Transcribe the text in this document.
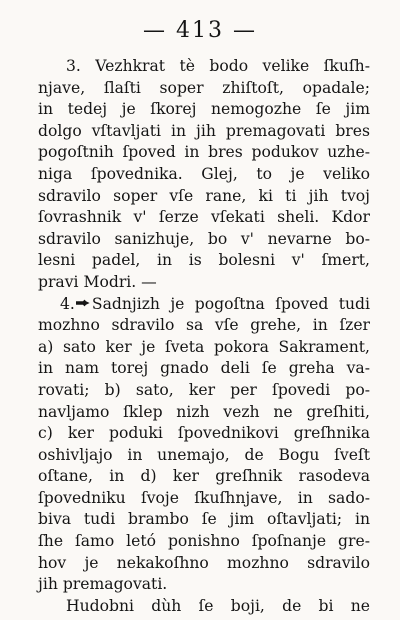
— 413 —
3. Vezhkrat tè bodo velike ſkuſh-
njave, ſlaſti soper zhiſtoſt, opadale;
in tedej je ſkorej nemogozhe ſe jim
dolgo vſtavljati in jih premagovati bres
pogoſtnih ſpoved in bres podukov uzhe-
niga ſpovednika. Glej, to je veliko
sdravilo soper vſe rane, ki ti jih tvoj
ſovrashnik v' ſerze vſekati sheli. Kdor
sdravilo sanizhuje, bo v' nevarne bo-
lesni padel, in is bolesni v' ſmert,
pravi Modri. —
4. Sadnjizh je pogoſtna ſpoved tudi
mozhno sdravilo sa vſe grehe, in ſzer
a) sato ker je ſveta pokora Sakrament,
in nam torej gnado deli ſe greha va-
rovati; b) sato, ker per ſpovedi po-
navljamo ſklep nizh vezh ne greſhiti,
c) ker poduki ſpovednikovi greſhnika
oshivljajo in unemajo, de Bogu ſveſt
oſtane, in d) ker greſhnik rasodeva
ſpovedniku ſvoje ſkuſhnjave, in sado-
biva tudi brambo ſe jim oſtavljati; in
ſhe ſamo letó ponishno ſpoſnanje gre-
hov je nekakoſhno mozhno sdravilo
jih premagovati.
Hudobni dùh ſe boji, de bi ne
